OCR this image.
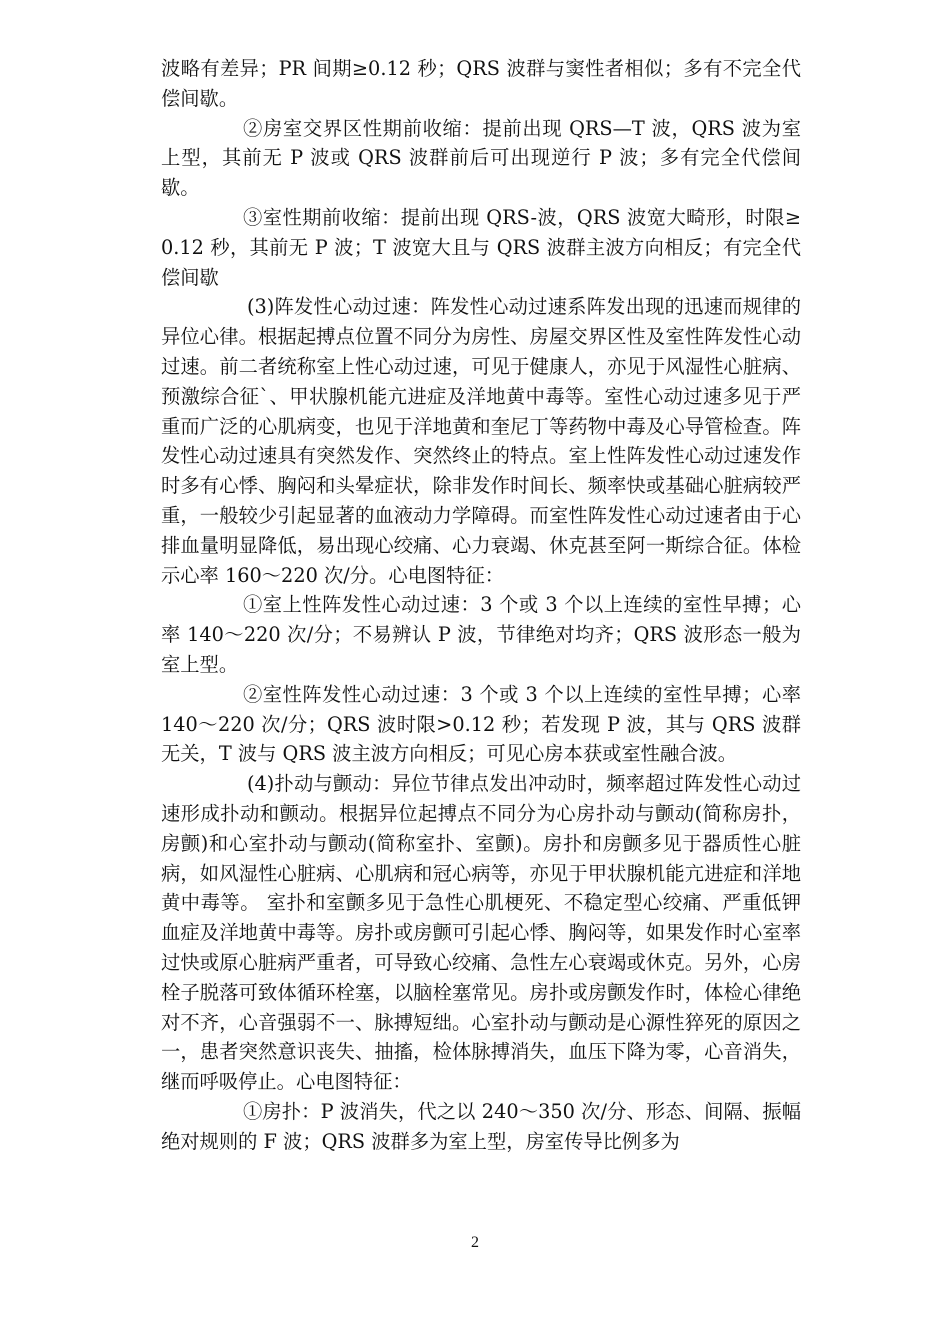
波略有差异；PR 间期≥0.12 秒；QRS 波群与窦性者相似；多有不完全代偿间歇。

②房室交界区性期前收缩：提前出现 QRS—T 波，QRS 波为室上型，其前无 P 波或 QRS 波群前后可出现逆行 P 波；多有完全代偿间歇。

③室性期前收缩：提前出现 QRS-波，QRS 波宽大畸形，时限≥0.12 秒，其前无 P 波；T 波宽大且与 QRS 波群主波方向相反；有完全代偿间歇

(3)阵发性心动过速：阵发性心动过速系阵发出现的迅速而规律的异位心律。根据起搏点位置不同分为房性、房屋交界区性及室性阵发性心动过速。前二者统称室上性心动过速，可见于健康人，亦见于风湿性心脏病、预激综合征`、甲状腺机能亢进症及洋地黄中毒等。室性心动过速多见于严重而广泛的心肌病变，也见于洋地黄和奎尼丁等药物中毒及心导管检查。阵发性心动过速具有突然发作、突然终止的特点。室上性阵发性心动过速发作时多有心悸、胸闷和头晕症状，除非发作时间长、频率快或基础心脏病较严重，一般较少引起显著的血液动力学障碍。而室性阵发性心动过速者由于心排血量明显降低，易出现心绞痛、心力衰竭、休克甚至阿一斯综合征。体检示心率 160～220 次/分。心电图特征：

①室上性阵发性心动过速：3 个或 3 个以上连续的室性早搏；心率 140～220 次/分；不易辨认 P 波，节律绝对均齐；QRS 波形态一般为室上型。

②室性阵发性心动过速：3 个或 3 个以上连续的室性早搏；心率 140～220 次/分；QRS 波时限>0.12 秒；若发现 P 波，其与 QRS 波群无关，T 波与 QRS 波主波方向相反；可见心房本获或室性融合波。

(4)扑动与颤动：异位节律点发出冲动时，频率超过阵发性心动过速形成扑动和颤动。根据异位起搏点不同分为心房扑动与颤动(简称房扑，房颤)和心室扑动与颤动(简称室扑、室颤)。房扑和房颤多见于器质性心脏病，如风湿性心脏病、心肌病和冠心病等，亦见于甲状腺机能亢进症和洋地黄中毒等。 室扑和室颤多见于急性心肌梗死、不稳定型心绞痛、严重低钾血症及洋地黄中毒等。房扑或房颤可引起心悸、胸闷等，如果发作时心室率过快或原心脏病严重者，可导致心绞痛、急性左心衰竭或休克。另外，心房栓子脱落可致体循环栓塞，以脑栓塞常见。房扑或房颤发作时，体检心律绝对不齐，心音强弱不一、脉搏短绌。心室扑动与颤动是心源性猝死的原因之一，患者突然意识丧失、抽搐，检体脉搏消失，血压下降为零，心音消失，继而呼吸停止。心电图特征：

①房扑：P 波消失，代之以 240～350 次/分、形态、间隔、振幅绝对规则的 F 波；QRS 波群多为室上型，房室传导比例多为

2
